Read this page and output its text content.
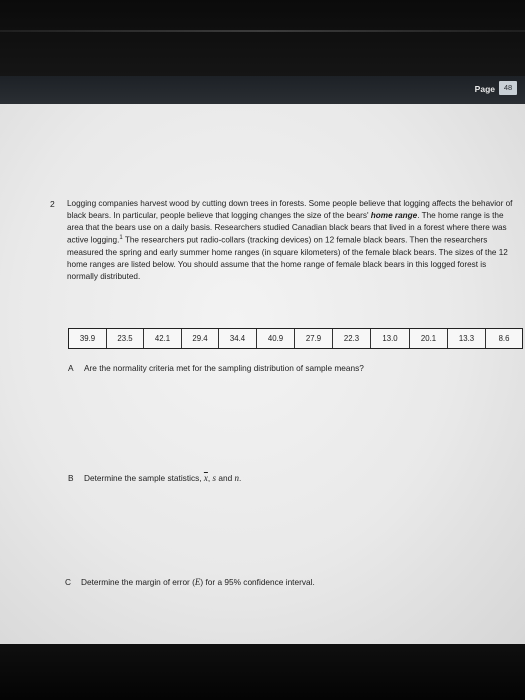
Page	48
2 Logging companies harvest wood by cutting down trees in forests. Some people believe that logging affects the behavior of black bears. In particular, people believe that logging changes the size of the bears' home range. The home range is the area that the bears use on a daily basis. Researchers studied Canadian black bears that lived in a forest where there was active logging.$^1$ The researchers put radio-collars (tracking devices) on 12 female black bears. Then the researchers measured the spring and early summer home ranges (in square kilometers) of the female black bears. The sizes of the 12 home ranges are listed below. You should assume that the home range of female black bears in this logged forest is normally distributed.
39.9	23.5	42.1	29.4	34.4	40.9	27.9	22.3	13.0	20.1	13.3	8.6
A Are the normality criteria met for the sampling distribution of sample means?
B Determine the sample statistics, $\overline{x}$, s and n.
C Determine the margin of error (E) for a 95% confidence interval.
